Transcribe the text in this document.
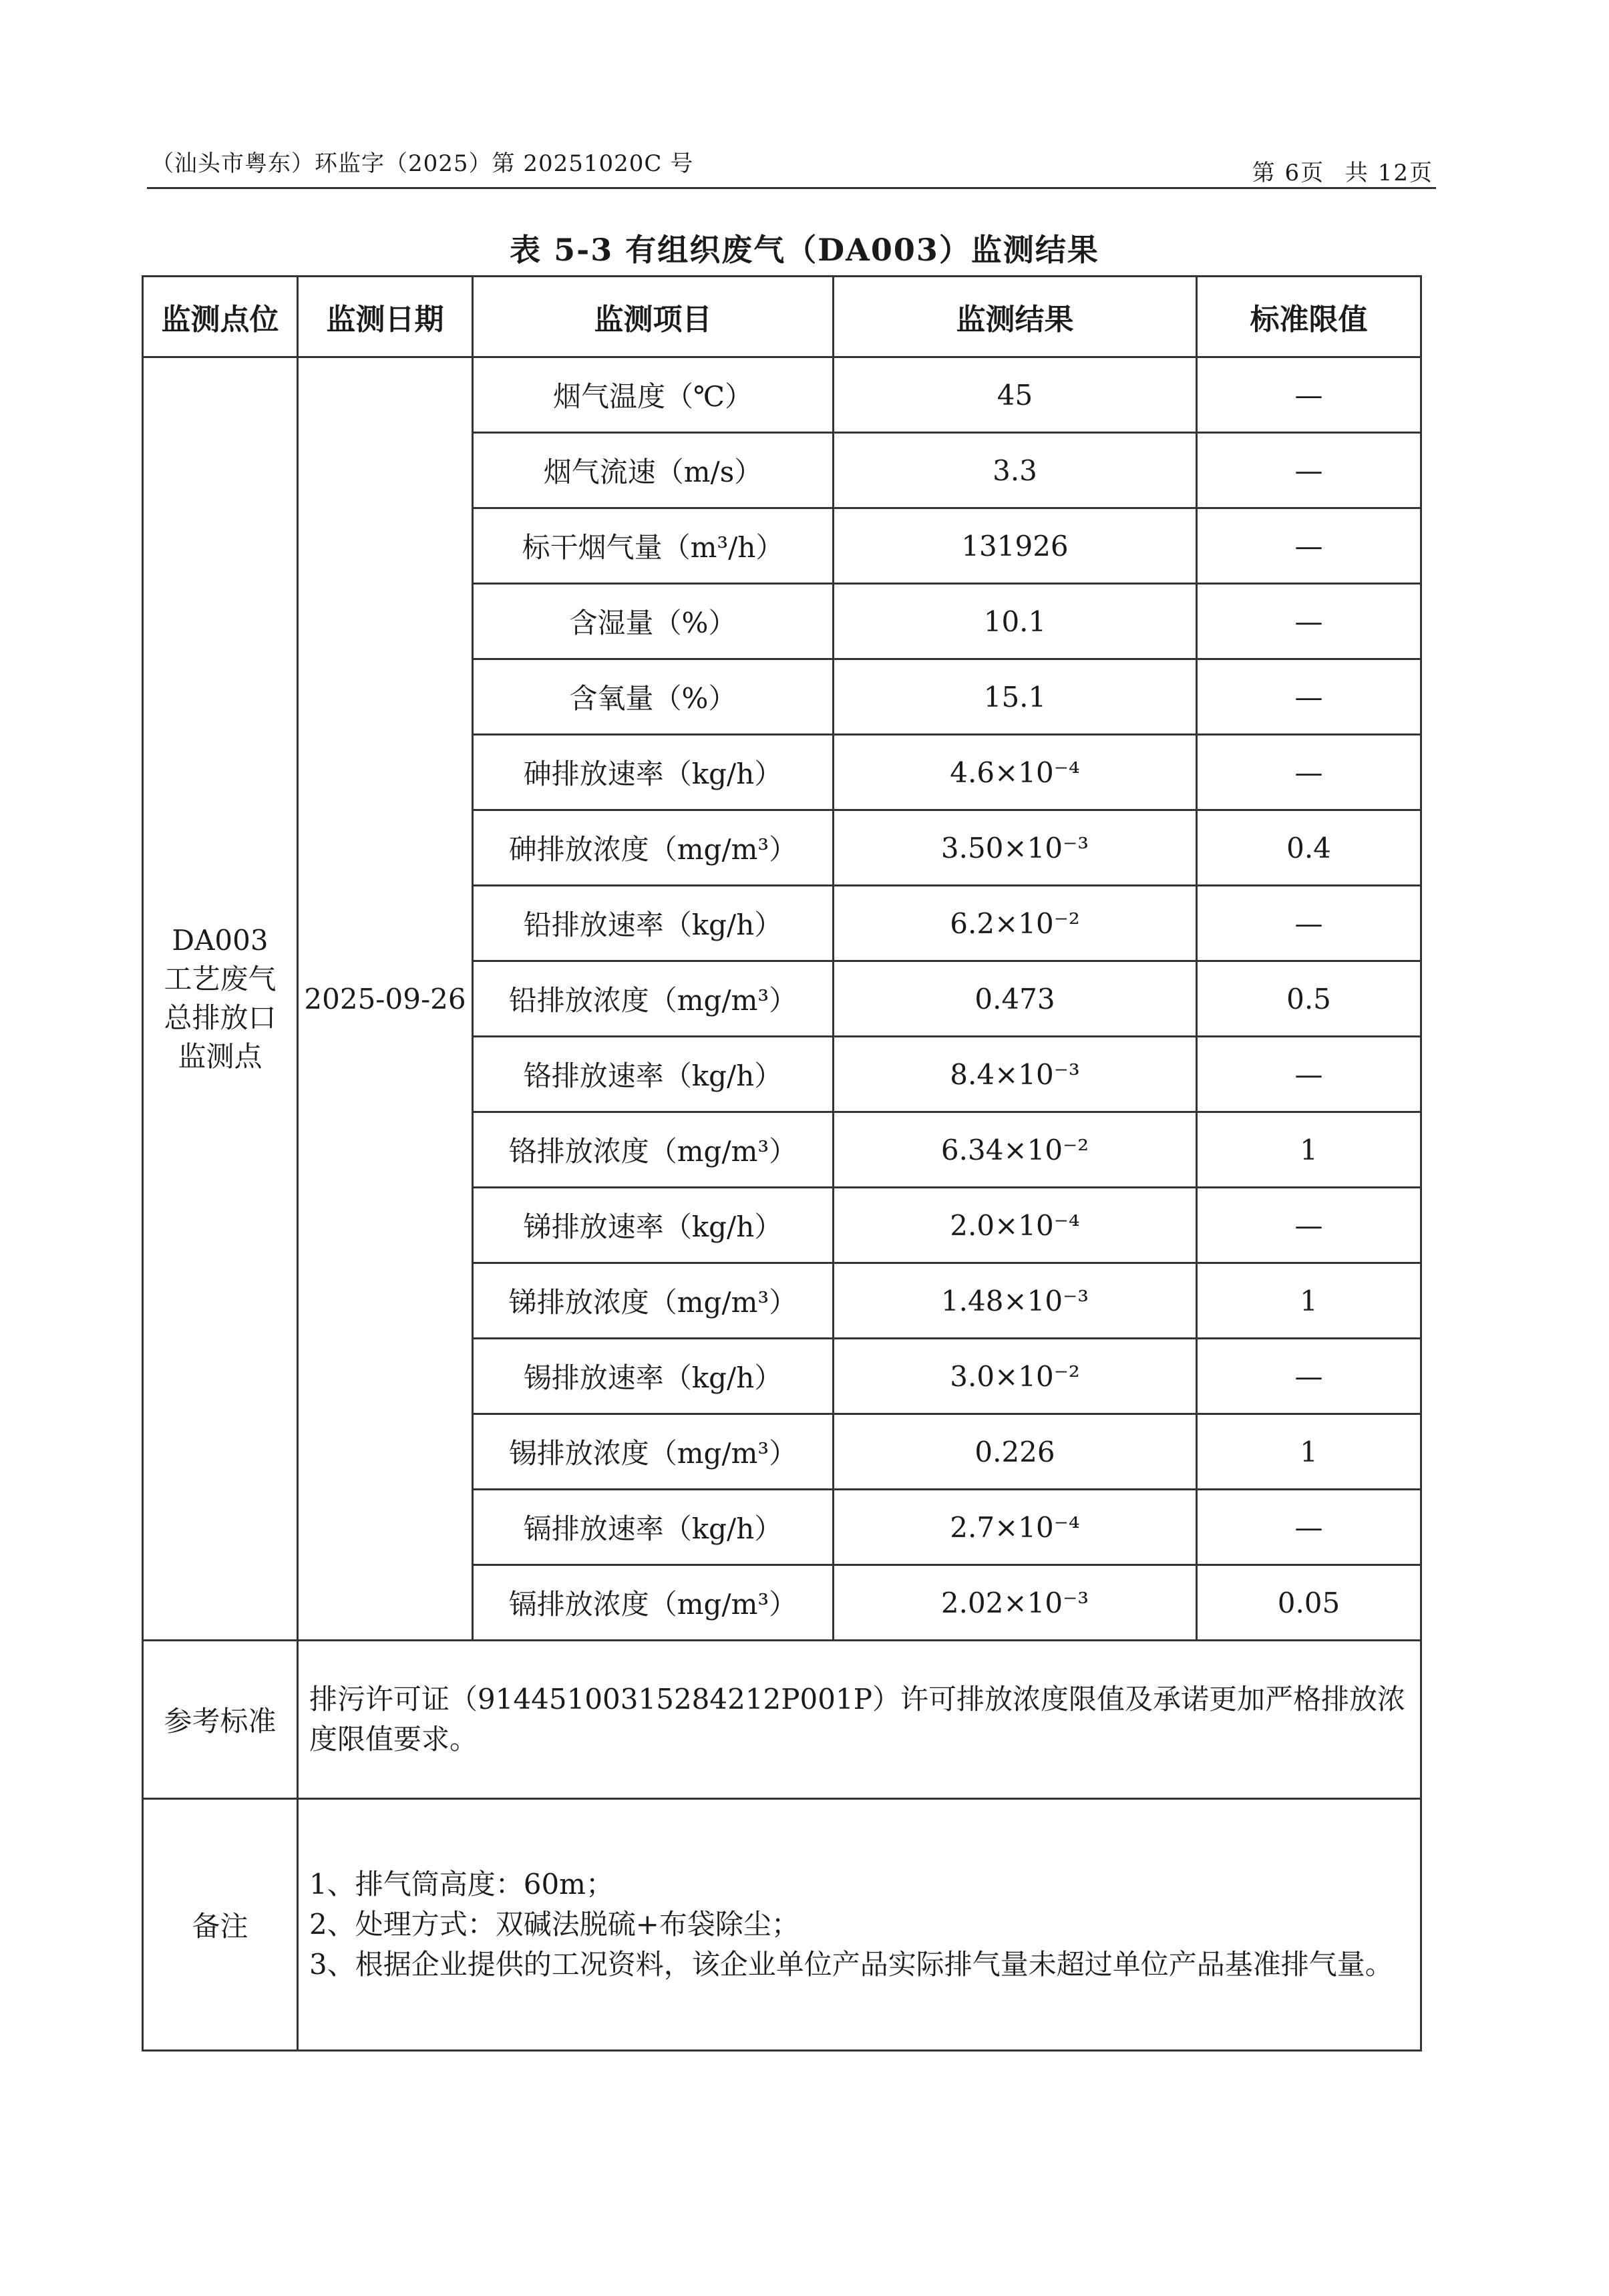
（汕头市粤东）环监字（2025）第 20251020C 号	第 6页 共 12页
表 5-3 有组织废气（DA003）监测结果
监测点位	监测日期	监测项目	监测结果	标准限值

DA003
工艺废气
总排放口
监测点	2025-09-26	烟气温度（℃）	45	—
		烟气流速（m/s）	3.3	—
		标干烟气量（m³/h）	131926	—
		含湿量（%）	10.1	—
		含氧量（%）	15.1	—
		砷排放速率（kg/h）	4.6×10⁻⁴	—
		砷排放浓度（mg/m³）	3.50×10⁻³	0.4
		铅排放速率（kg/h）	6.2×10⁻²	—
		铅排放浓度（mg/m³）	0.473	0.5
		铬排放速率（kg/h）	8.4×10⁻³	—
		铬排放浓度（mg/m³）	6.34×10⁻²	1
		锑排放速率（kg/h）	2.0×10⁻⁴	—
		锑排放浓度（mg/m³）	1.48×10⁻³	1
		锡排放速率（kg/h）	3.0×10⁻²	—
		锡排放浓度（mg/m³）	0.226	1
		镉排放速率（kg/h）	2.7×10⁻⁴	—
		镉排放浓度（mg/m³）	2.02×10⁻³	0.05
参考标准	排污许可证（91445100315284212P001P）许可排放浓度限值及承诺更加严格排放浓度限值要求。			
备注	1、排气筒高度：60m；
2、处理方式：双碱法脱硫+布袋除尘；
3、根据企业提供的工况资料，该企业单位产品实际排气量未超过单位产品基准排气量。			
